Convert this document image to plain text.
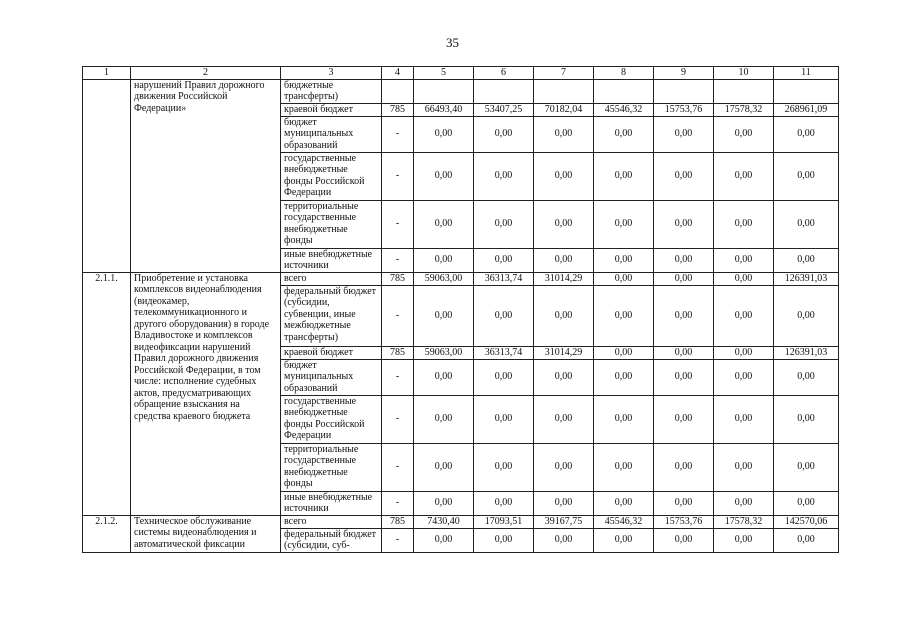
35
1	2	3	4	5	6	7	8	9	10	11
	нарушений Правил дорожного движения Российской Федерации»	бюджетные трансферты)								
		краевой бюджет	785	66493,40	53407,25	70182,04	45546,32	15753,76	17578,32	268961,09
		бюджет муниципальных образований	-	0,00	0,00	0,00	0,00	0,00	0,00	0,00
		государственные внебюджетные фонды Российской Федерации	-	0,00	0,00	0,00	0,00	0,00	0,00	0,00
		территориальные государственные внебюджетные фонды	-	0,00	0,00	0,00	0,00	0,00	0,00	0,00
		иные внебюджетные источники	-	0,00	0,00	0,00	0,00	0,00	0,00	0,00
2.1.1.	Приобретение и установка комплексов видеонаблюдения (видеокамер, телекоммуникационного и другого оборудования) в городе Владивостоке и комплексов видеофиксации нарушений Правил дорожного движения Российской Федерации, в том числе: исполнение судебных актов, предусматривающих обращение взыскания на средства краевого бюджета	всего	785	59063,00	36313,74	31014,29	0,00	0,00	0,00	126391,03
		федеральный бюджет (субсидии, субвенции, иные межбюджетные трансферты)	-	0,00	0,00	0,00	0,00	0,00	0,00	0,00
		краевой бюджет	785	59063,00	36313,74	31014,29	0,00	0,00	0,00	126391,03
		бюджет муниципальных образований	-	0,00	0,00	0,00	0,00	0,00	0,00	0,00
		государственные внебюджетные фонды Российской Федерации	-	0,00	0,00	0,00	0,00	0,00	0,00	0,00
		территориальные государственные внебюджетные фонды	-	0,00	0,00	0,00	0,00	0,00	0,00	0,00
		иные внебюджетные источники	-	0,00	0,00	0,00	0,00	0,00	0,00	0,00
2.1.2.	Техническое обслуживание системы видеонаблюдения и автоматической фиксации	всего	785	7430,40	17093,51	39167,75	45546,32	15753,76	17578,32	142570,06
		федеральный бюджет (субсидии, суб-	-	0,00	0,00	0,00	0,00	0,00	0,00	0,00
